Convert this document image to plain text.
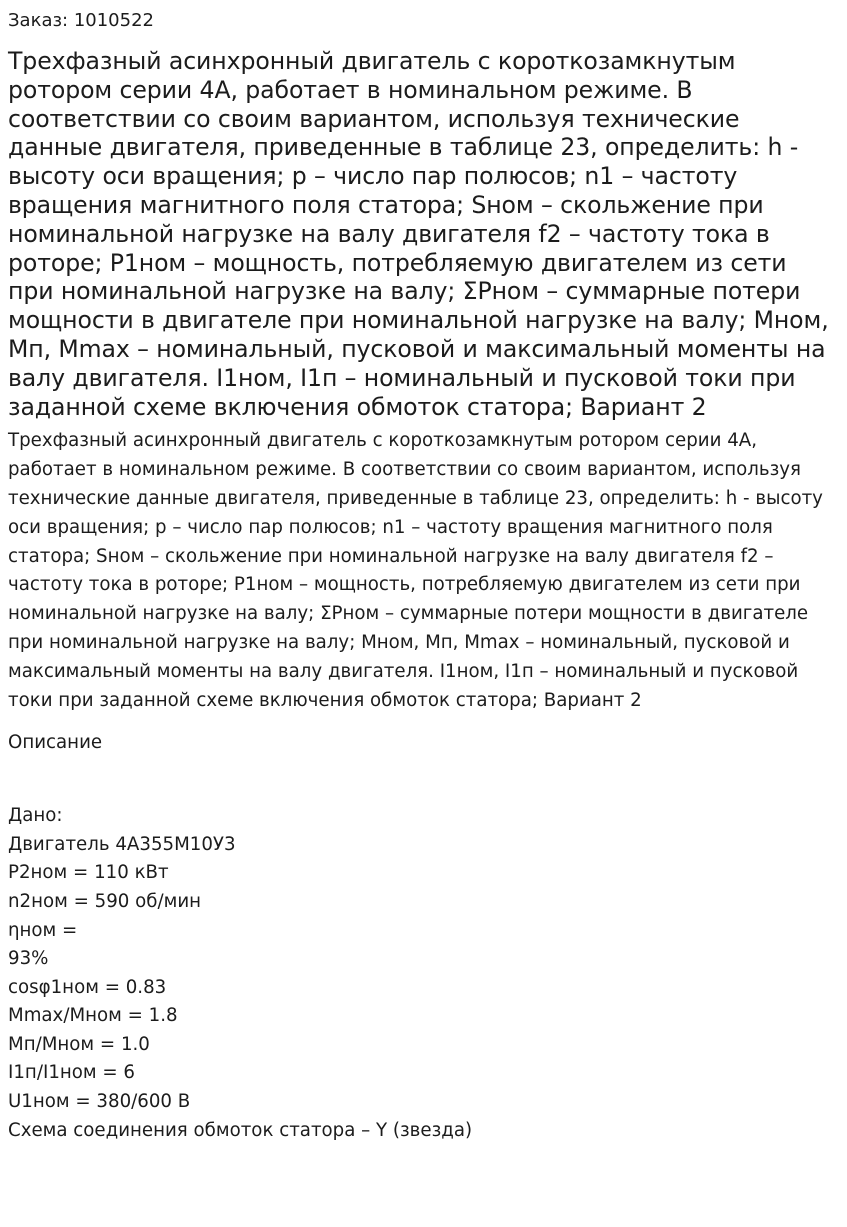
Заказ: 1010522
Трехфазный асинхронный двигатель с короткозамкнутым ротором серии 4А, работает в номинальном режиме. В соответствии со своим вариантом, используя технические данные двигателя, приведенные в таблице 23, определить: h - высоту оси вращения; p – число пар полюсов; n1 – частоту вращения магнитного поля статора; Sном – скольжение при номинальной нагрузке на валу двигателя f2 – частоту тока в роторе; P1ном – мощность, потребляемую двигателем из сети при номинальной нагрузке на валу; ΣPном – суммарные потери мощности в двигателе при номинальной нагрузке на валу; Мном, Мп, Mmax – номинальный, пусковой и максимальный моменты на валу двигателя. I1ном, I1п – номинальный и пусковой токи при заданной схеме включения обмоток статора; Вариант 2

Трехфазный асинхронный двигатель с короткозамкнутым ротором серии 4А, работает в номинальном режиме. В соответствии со своим вариантом, используя технические данные двигателя, приведенные в таблице 23, определить: h - высоту оси вращения; p – число пар полюсов; n1 – частоту вращения магнитного поля статора; Sном – скольжение при номинальной нагрузке на валу двигателя f2 – частоту тока в роторе; P1ном – мощность, потребляемую двигателем из сети при номинальной нагрузке на валу; ΣPном – суммарные потери мощности в двигателе при номинальной нагрузке на валу; Мном, Мп, Mmax – номинальный, пусковой и максимальный моменты на валу двигателя. I1ном, I1п – номинальный и пусковой токи при заданной схеме включения обмоток статора; Вариант 2

Описание
Дано:
Двигатель 4А355М10У3
Р2ном = 110 кВт
n2ном = 590 об/мин
ηном =
93%
cosφ1ном = 0.83
Mmax/Мном = 1.8
Мп/Мном = 1.0
I1п/I1ном = 6
U1ном = 380/600 В
Схема соединения обмоток статора – Y (звезда)
